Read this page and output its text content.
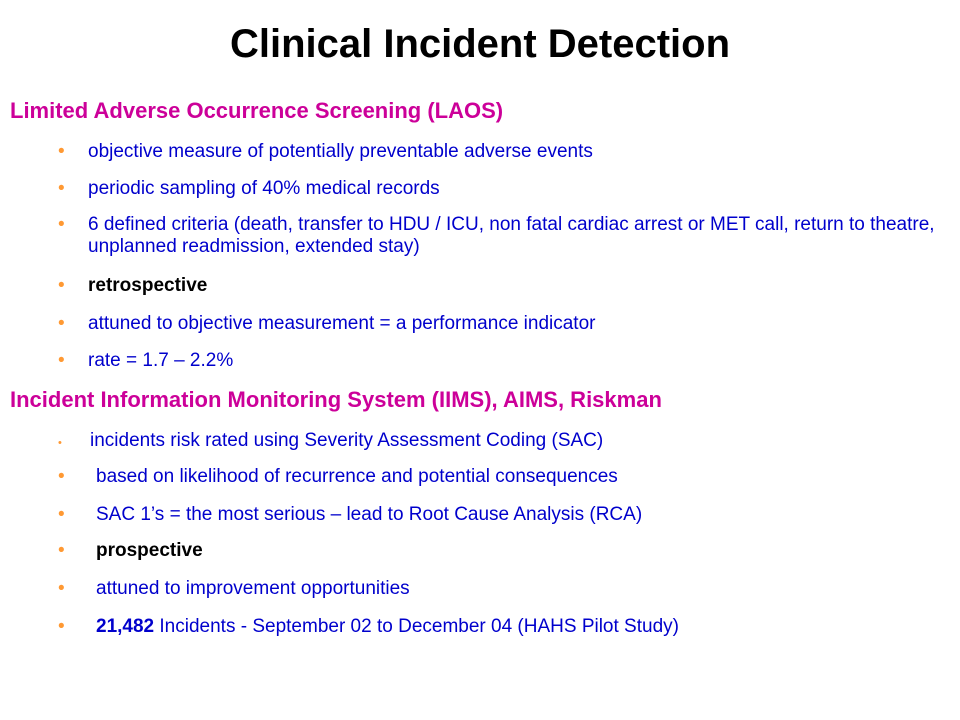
Clinical Incident Detection
Limited Adverse Occurrence Screening (LAOS)
• objective measure of potentially preventable adverse events
• periodic sampling of 40% medical records
• 6 defined criteria (death, transfer to HDU / ICU, non fatal cardiac arrest or MET call, return to theatre, unplanned readmission, extended stay)
• retrospective
• attuned to objective measurement = a performance indicator
• rate = 1.7 – 2.2%
Incident Information Monitoring System (IIMS), AIMS, Riskman
• incidents risk rated using Severity Assessment Coding (SAC)
• based on likelihood of recurrence and potential consequences
• SAC 1’s = the most serious – lead to Root Cause Analysis (RCA)
• prospective
• attuned to improvement opportunities
• 21,482 Incidents - September 02 to December 04 (HAHS Pilot Study)
